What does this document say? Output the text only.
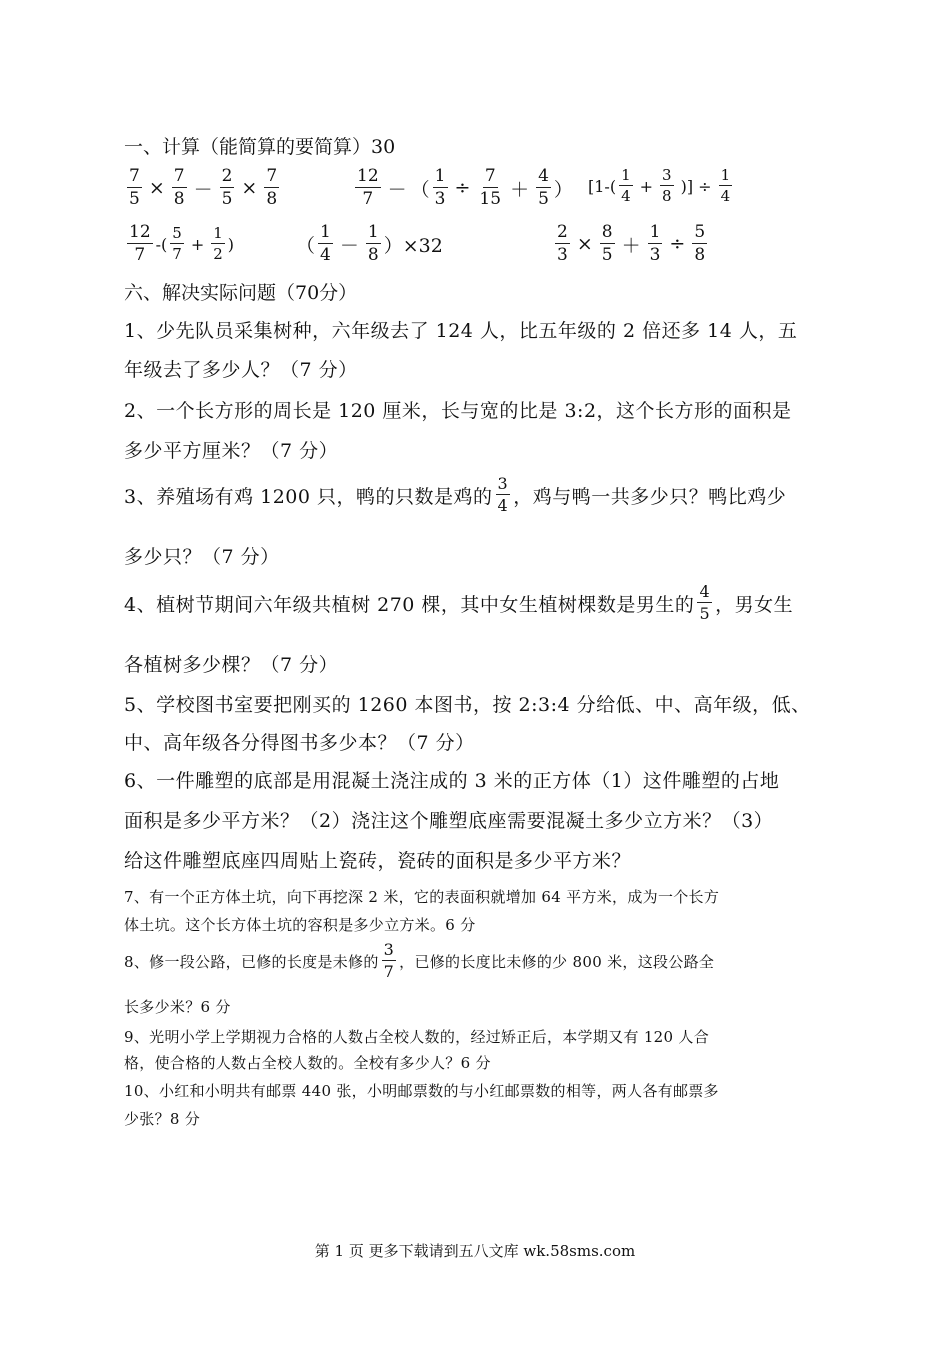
一、计算（能简算的要简算）30
$\frac{7}{5} \times \frac{7}{8} - \frac{2}{5} \times \frac{7}{8}$	$\frac{12}{7}$ － （ $\frac{1}{3} \div \frac{7}{15} + \frac{4}{5}$ ） [$1-( \frac{1}{4} + \frac{3}{8}$ )] ÷ $\frac{1}{4}$
$\frac{12}{7}$ -( $\frac{5}{7} + \frac{1}{2}$ )	（ $\frac{1}{4} - \frac{1}{8} )\times 32$	$\frac{2}{3} \times \frac{8}{5} + \frac{1}{3} \div \frac{5}{8}$
六、解决实际问题（70分）
1、少先队员采集树种，六年级去了 124 人，比五年级的 2 倍还多 14 人，五
年级去了多少人？（7 分）
2、一个长方形的周长是 120 厘米，长与宽的比是 3:2，这个长方形的面积是
多少平方厘米？（7 分）
3、养殖场有鸡 1200 只，鸭的只数是鸡的
3
4 ，鸡与鸭一共多少只？鸭比鸡少
多少只？（7 分）
4、植树节期间六年级共植树 270 棵，其中女生植树棵数是男生的
4
5 ，男女生
各植树多少棵？（7 分）
5、学校图书室要把刚买的 1260 本图书，按 2:3:4 分给低、中、高年级，低、
中、高年级各分得图书多少本？（7 分）
6、一件雕塑的底部是用混凝土浇注成的 3 米的正方体（1）这件雕塑的占地
面积是多少平方米？（2）浇注这个雕塑底座需要混凝土多少立方米？（3）
给这件雕塑底座四周贴上瓷砖，瓷砖的面积是多少平方米？
7、有一个正方体土坑，向下再挖深 2 米，它的表面积就增加 64 平方米，成为一个长方
体土坑。这个长方体土坑的容积是多少立方米。6 分
8、修一段公路，已修的长度是未修的
3
7
，已修的长度比未修的少 800 米，这段公路全
长多少米？6 分
9、光明小学上学期视力合格的人数占全校人数的，经过矫正后，本学期又有 120 人合
格，使合格的人数占全校人数的。全校有多少人？6 分
10、小红和小明共有邮票 440 张，小明邮票数的与小红邮票数的相等，两人各有邮票多
少张？8 分
第 1 页 更多下载请到五八文库 wk.58sms.com
